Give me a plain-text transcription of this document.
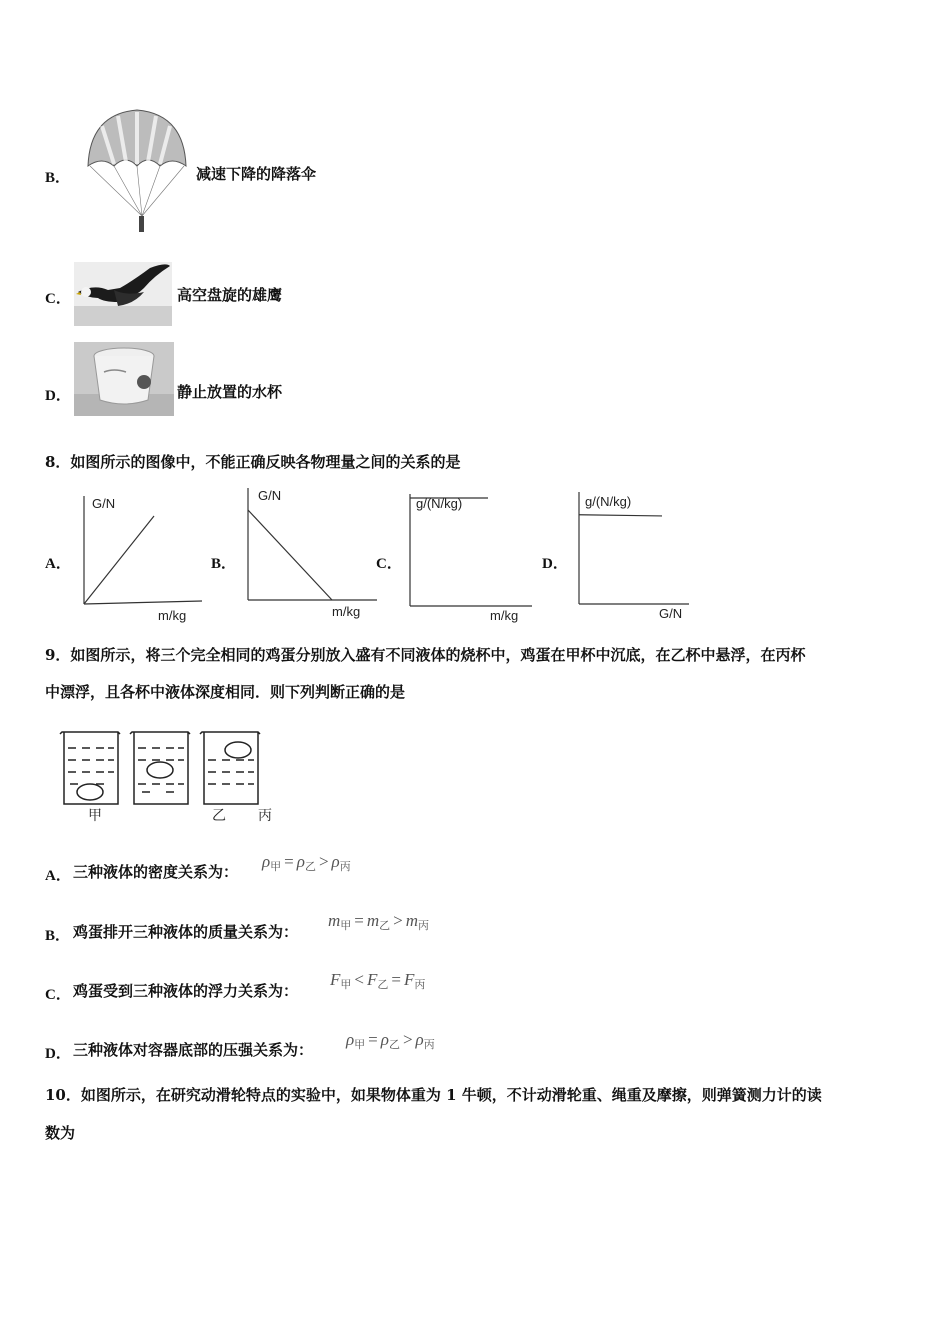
B．	减速下降的降落伞
C．	高空盘旋的雄鹰
D．	静止放置的水杯
8．如图所示的图像中，不能正确反映各物理量之间的关系的是
A．
G/N
m/kg
B．
G/N
m/kg
C．
g/(N/kg)
m/kg
D．
g/(N/kg)
G/N
9．如图所示，将三个完全相同的鸡蛋分别放入盛有不同液体的烧杯中，鸡蛋在甲杯中沉底，在乙杯中悬浮，在丙杯
中漂浮，且各杯中液体深度相同．则下列判断正确的是
甲	乙 丙
A． 三种液体的密度关系为：
$\rho_甲 = \rho_乙 > \rho_丙$
B． 鸡蛋排开三种液体的质量关系为：
$m_甲 = m_乙 > m_丙$
C． 鸡蛋受到三种液体的浮力关系为：
$F_甲 < F_乙 = F_丙$
D． 三种液体对容器底部的压强关系为：
$\rho_甲 = \rho_乙 > \rho_丙$
10．如图所示，在研究动滑轮特点的实验中，如果物体重为 1 牛顿，不计动滑轮重、绳重及摩擦，则弹簧测力计的读
数为
